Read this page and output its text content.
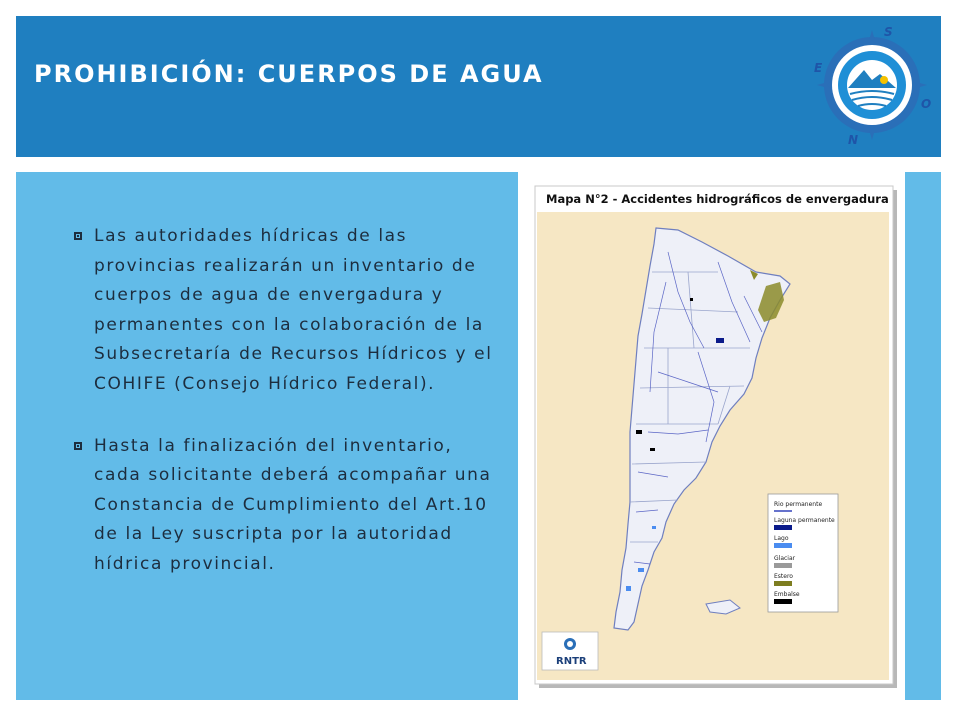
PROHIBICIÓN: CUERPOS DE AGUA
S
E
O
N
Las autoridades hídricas de las provincias realizarán un inventario de cuerpos de agua de envergadura y permanentes con la colaboración de la Subsecretaría de Recursos Hídricos y el COHIFE (Consejo Hídrico Federal).
Hasta la finalización del inventario, cada solicitante deberá acompañar una Constancia de Cumplimiento del Art.10 de la Ley suscripta por la autoridad hídrica provincial.
Mapa N°2 - Accidentes hidrográficos de envergadura
Rio permanente
Laguna permanente
Lago
Glaciar
Estero
Embalse
RNTR
